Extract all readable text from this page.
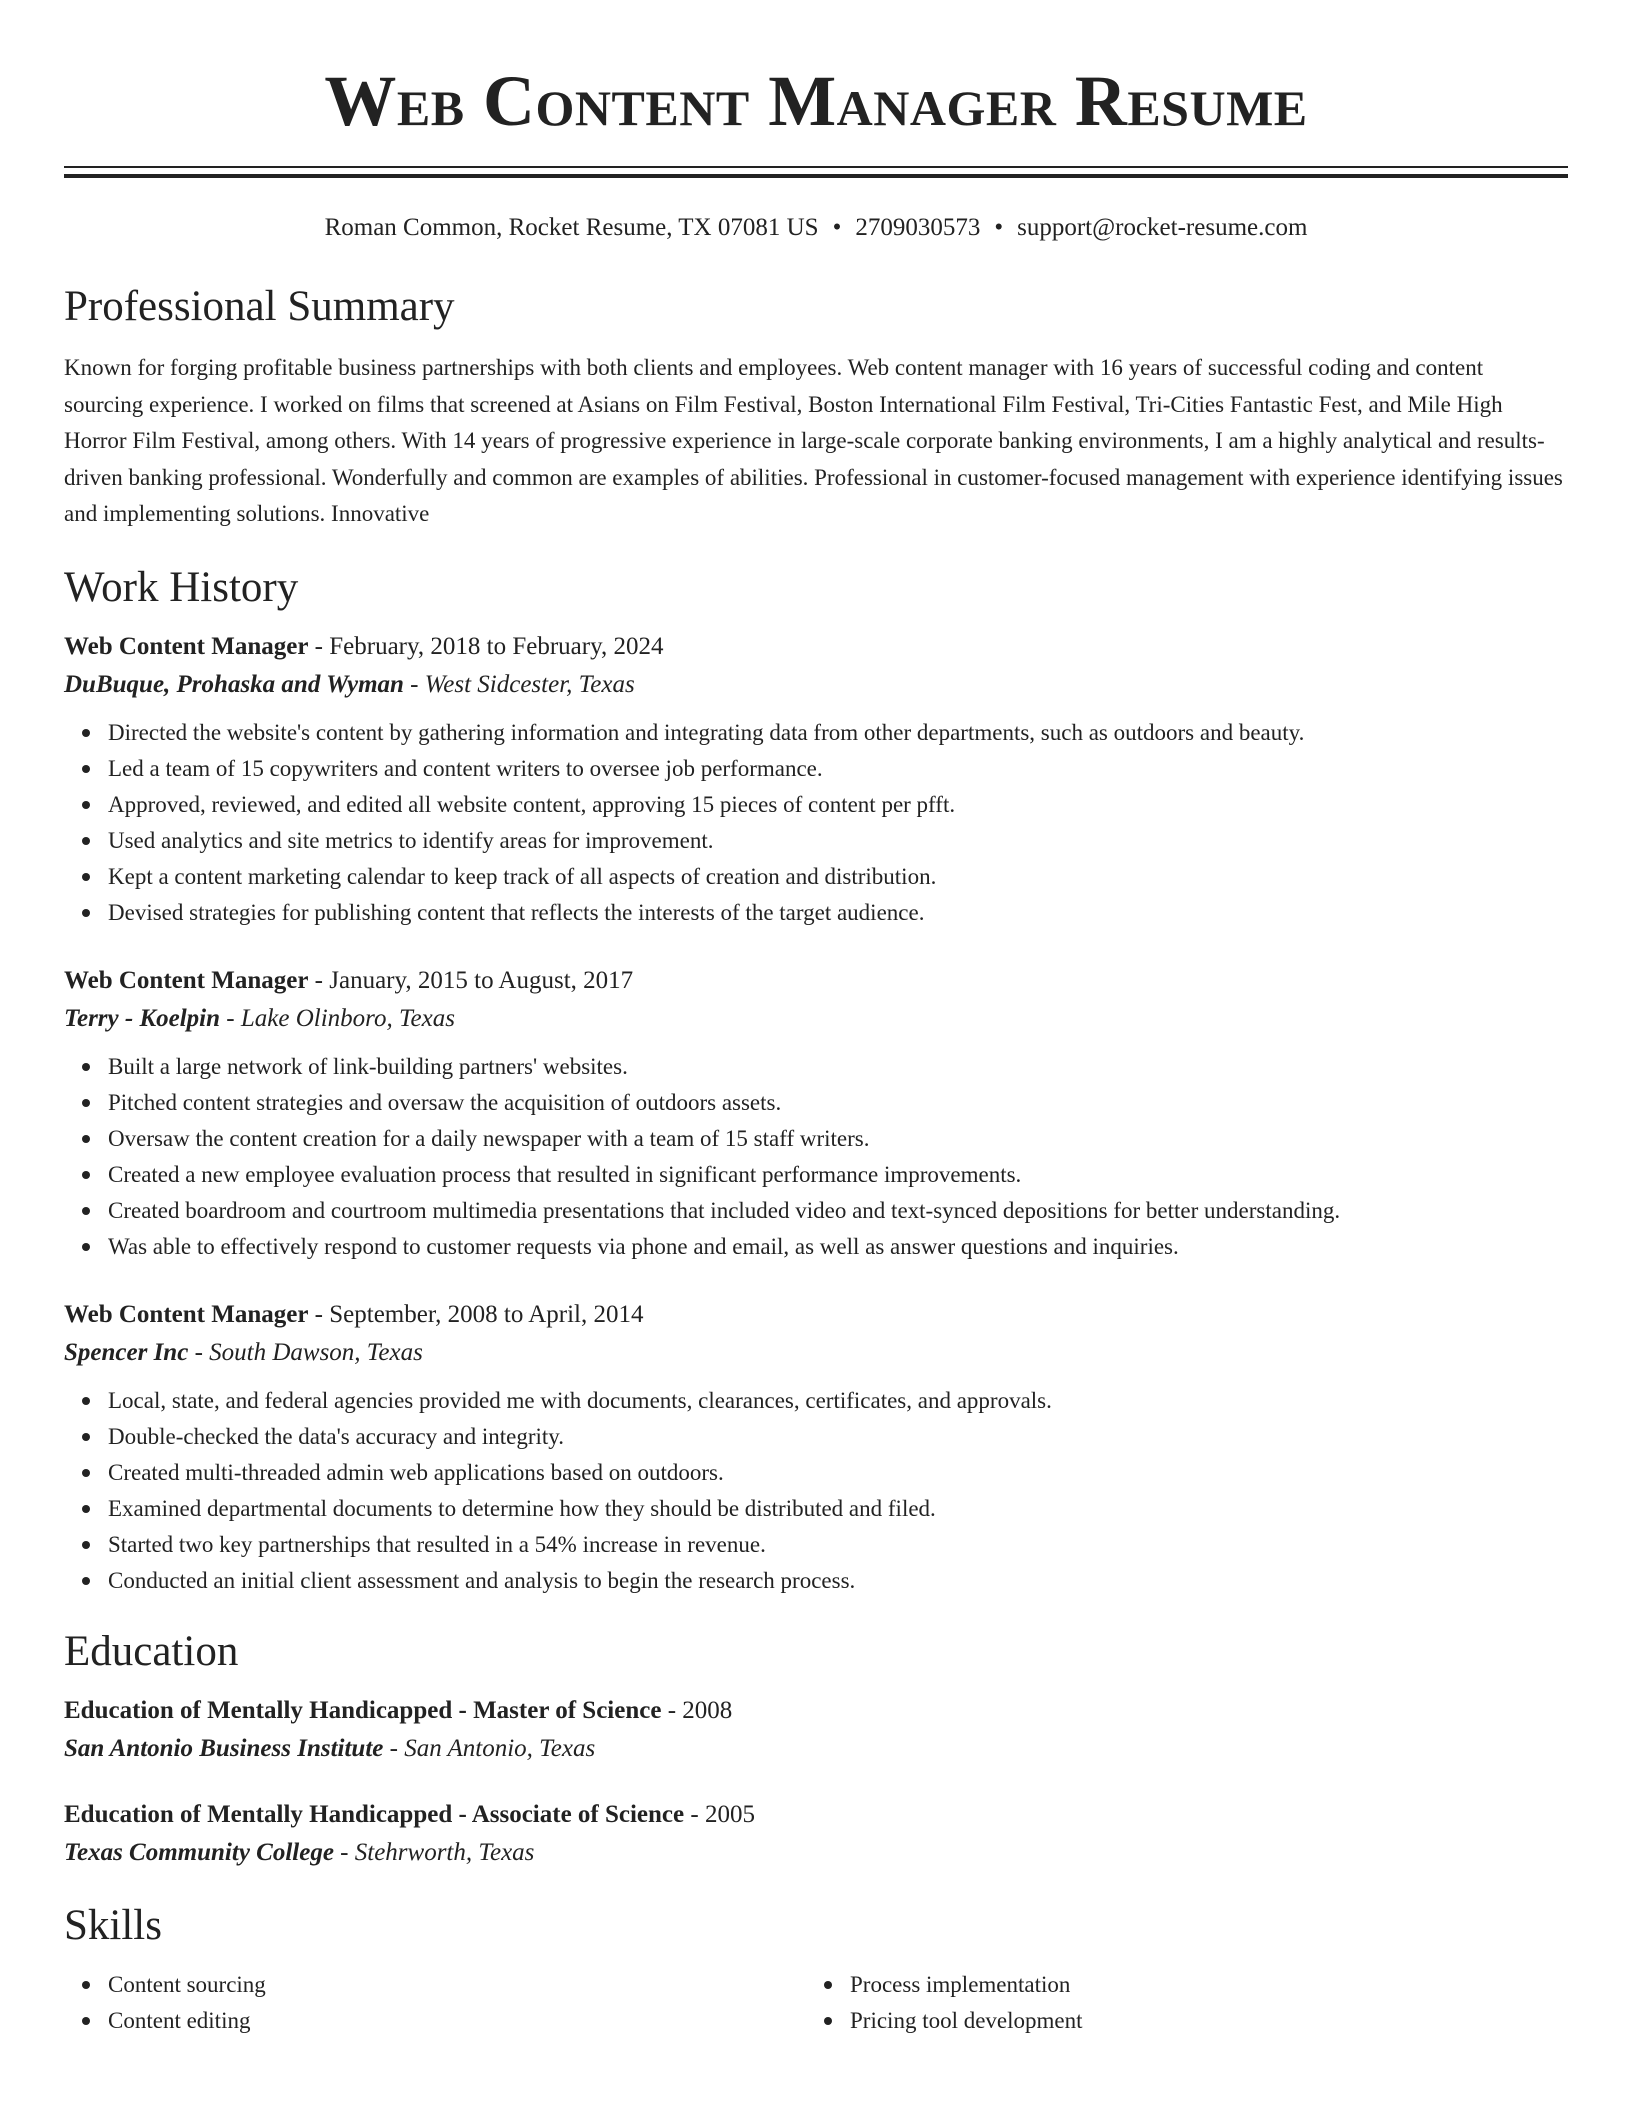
Web Content Manager Resume
Roman Common, Rocket Resume, TX 07081 US • 2709030573 • support@rocket-resume.com
Professional Summary

Known for forging profitable business partnerships with both clients and employees. Web content manager with 16 years of successful coding and content sourcing experience. I worked on films that screened at Asians on Film Festival, Boston International Film Festival, Tri-Cities Fantastic Fest, and Mile High Horror Film Festival, among others. With 14 years of progressive experience in large-scale corporate banking environments, I am a highly analytical and results-driven banking professional. Wonderfully and common are examples of abilities. Professional in customer-focused management with experience identifying issues and implementing solutions. Innovative

Work History
Web Content Manager - February, 2018 to February, 2024
DuBuque, Prohaska and Wyman - West Sidcester, Texas
Directed the website's content by gathering information and integrating data from other departments, such as outdoors and beauty.
Led a team of 15 copywriters and content writers to oversee job performance.
Approved, reviewed, and edited all website content, approving 15 pieces of content per pfft.
Used analytics and site metrics to identify areas for improvement.
Kept a content marketing calendar to keep track of all aspects of creation and distribution.
Devised strategies for publishing content that reflects the interests of the target audience.
Web Content Manager - January, 2015 to August, 2017
Terry - Koelpin - Lake Olinboro, Texas
Built a large network of link-building partners' websites.
Pitched content strategies and oversaw the acquisition of outdoors assets.
Oversaw the content creation for a daily newspaper with a team of 15 staff writers.
Created a new employee evaluation process that resulted in significant performance improvements.
Created boardroom and courtroom multimedia presentations that included video and text-synced depositions for better understanding.
Was able to effectively respond to customer requests via phone and email, as well as answer questions and inquiries.
Web Content Manager - September, 2008 to April, 2014
Spencer Inc - South Dawson, Texas
Local, state, and federal agencies provided me with documents, clearances, certificates, and approvals.
Double-checked the data's accuracy and integrity.
Created multi-threaded admin web applications based on outdoors.
Examined departmental documents to determine how they should be distributed and filed.
Started two key partnerships that resulted in a 54% increase in revenue.
Conducted an initial client assessment and analysis to begin the research process.
Education
Education of Mentally Handicapped - Master of Science - 2008
San Antonio Business Institute - San Antonio, Texas
Education of Mentally Handicapped - Associate of Science - 2005
Texas Community College - Stehrworth, Texas
Skills
Content sourcing
Content editing
Process implementation
Pricing tool development
